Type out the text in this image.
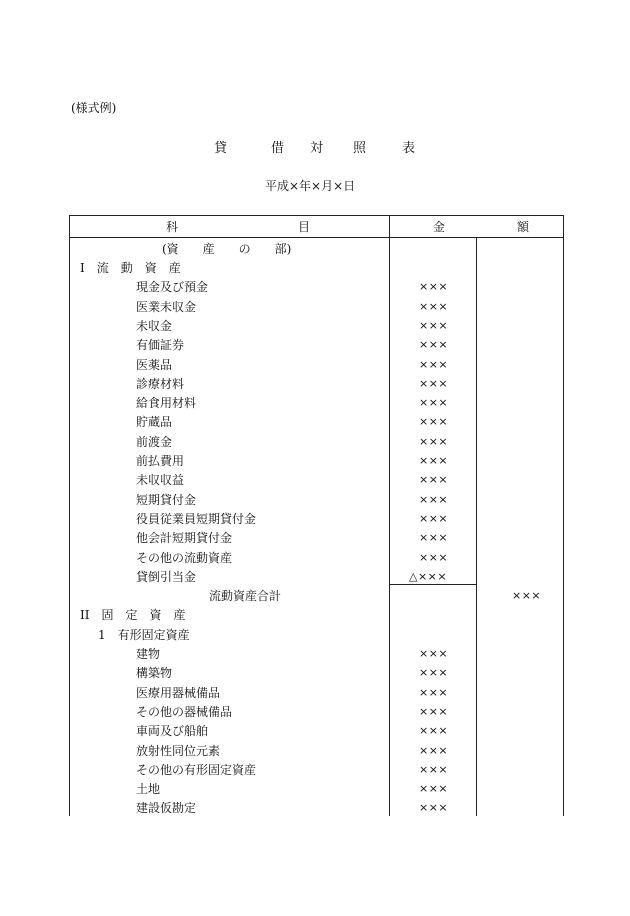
(様式例)
貸	借 対 照	表
平成×年×月×日
科　　　　　　　　　　目	金　　　　　　額
(資　　産　　の　　部)
I　流　動　資　産
現金及び預金	×××
医業未収金	×××
未収金	×××
有価証券	×××
医薬品	×××
診療材料	×××
給食用材料	×××
貯蔵品	×××
前渡金	×××
前払費用	×××
未収収益	×××
短期貸付金	×××
役員従業員短期貸付金	×××
他会計短期貸付金	×××
その他の流動資産	×××
貸倒引当金	△×××
流動資産合計	×××
II　固　定　資　産
1　有形固定資産
建物	×××
構築物	×××
医療用器械備品	×××
その他の器械備品	×××
車両及び船舶	×××
放射性同位元素	×××
その他の有形固定資産	×××
土地	×××
建設仮勘定	×××
